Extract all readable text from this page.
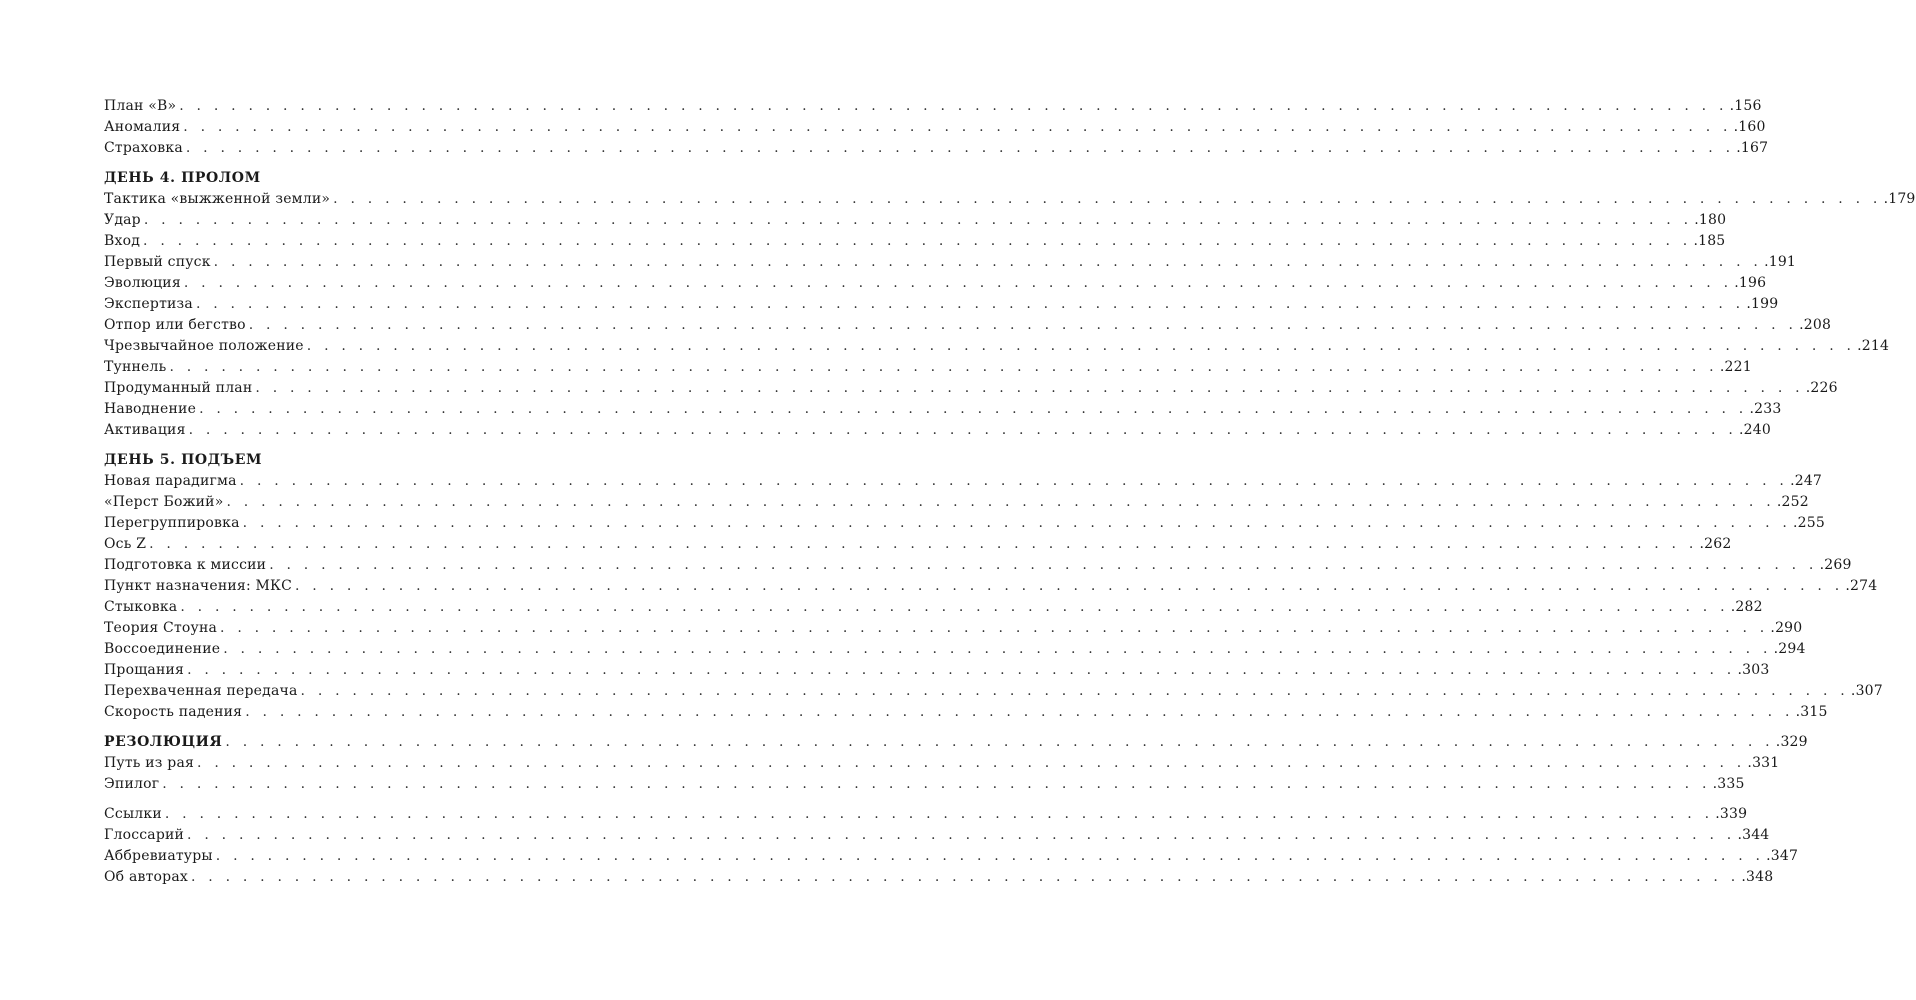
План «B» . . . . . . . . . . . . . . . . . . . . . . . . . . . . . . . . . . . . . . . . . . . . . . . . . . . . . . . . . . . . . . . . . . . . . . . . . . . . . . . . . . . . . . . . . . .156
Аномалия . . . . . . . . . . . . . . . . . . . . . . . . . . . . . . . . . . . . . . . . . . . . . . . . . . . . . . . . . . . . . . . . . . . . . . . . . . . . . . . . . . . . . . . . . . .160
Страховка . . . . . . . . . . . . . . . . . . . . . . . . . . . . . . . . . . . . . . . . . . . . . . . . . . . . . . . . . . . . . . . . . . . . . . . . . . . . . . . . . . . . . . . . . . .167
ДЕНЬ 4. ПРОЛОМ
Тактика «выжженной земли» . . . . . . . . . . . . . . . . . . . . . . . . . . . . . . . . . . . . . . . . . . . . . . . . . . . . . . . . . . . . . . . . . . . . . . . . . . . . . . . . . . . . . . . . . . .179
Удар . . . . . . . . . . . . . . . . . . . . . . . . . . . . . . . . . . . . . . . . . . . . . . . . . . . . . . . . . . . . . . . . . . . . . . . . . . . . . . . . . . . . . . . . . . .180
Вход . . . . . . . . . . . . . . . . . . . . . . . . . . . . . . . . . . . . . . . . . . . . . . . . . . . . . . . . . . . . . . . . . . . . . . . . . . . . . . . . . . . . . . . . . . .185
Первый спуск . . . . . . . . . . . . . . . . . . . . . . . . . . . . . . . . . . . . . . . . . . . . . . . . . . . . . . . . . . . . . . . . . . . . . . . . . . . . . . . . . . . . . . . . . . .191
Эволюция . . . . . . . . . . . . . . . . . . . . . . . . . . . . . . . . . . . . . . . . . . . . . . . . . . . . . . . . . . . . . . . . . . . . . . . . . . . . . . . . . . . . . . . . . . .196
Экспертиза . . . . . . . . . . . . . . . . . . . . . . . . . . . . . . . . . . . . . . . . . . . . . . . . . . . . . . . . . . . . . . . . . . . . . . . . . . . . . . . . . . . . . . . . . . .199
Отпор или бегство . . . . . . . . . . . . . . . . . . . . . . . . . . . . . . . . . . . . . . . . . . . . . . . . . . . . . . . . . . . . . . . . . . . . . . . . . . . . . . . . . . . . . . . . . . .208
Чрезвычайное положение . . . . . . . . . . . . . . . . . . . . . . . . . . . . . . . . . . . . . . . . . . . . . . . . . . . . . . . . . . . . . . . . . . . . . . . . . . . . . . . . . . . . . . . . . . .214
Туннель . . . . . . . . . . . . . . . . . . . . . . . . . . . . . . . . . . . . . . . . . . . . . . . . . . . . . . . . . . . . . . . . . . . . . . . . . . . . . . . . . . . . . . . . . . .221
Продуманный план . . . . . . . . . . . . . . . . . . . . . . . . . . . . . . . . . . . . . . . . . . . . . . . . . . . . . . . . . . . . . . . . . . . . . . . . . . . . . . . . . . . . . . . . . . .226
Наводнение . . . . . . . . . . . . . . . . . . . . . . . . . . . . . . . . . . . . . . . . . . . . . . . . . . . . . . . . . . . . . . . . . . . . . . . . . . . . . . . . . . . . . . . . . . .233
Активация . . . . . . . . . . . . . . . . . . . . . . . . . . . . . . . . . . . . . . . . . . . . . . . . . . . . . . . . . . . . . . . . . . . . . . . . . . . . . . . . . . . . . . . . . . .240
ДЕНЬ 5. ПОДЪЕМ
Новая парадигма . . . . . . . . . . . . . . . . . . . . . . . . . . . . . . . . . . . . . . . . . . . . . . . . . . . . . . . . . . . . . . . . . . . . . . . . . . . . . . . . . . . . . . . . . . .247
«Перст Божий» . . . . . . . . . . . . . . . . . . . . . . . . . . . . . . . . . . . . . . . . . . . . . . . . . . . . . . . . . . . . . . . . . . . . . . . . . . . . . . . . . . . . . . . . . . .252
Перегруппировка . . . . . . . . . . . . . . . . . . . . . . . . . . . . . . . . . . . . . . . . . . . . . . . . . . . . . . . . . . . . . . . . . . . . . . . . . . . . . . . . . . . . . . . . . . .255
Ось Z . . . . . . . . . . . . . . . . . . . . . . . . . . . . . . . . . . . . . . . . . . . . . . . . . . . . . . . . . . . . . . . . . . . . . . . . . . . . . . . . . . . . . . . . . . .262
Подготовка к миссии . . . . . . . . . . . . . . . . . . . . . . . . . . . . . . . . . . . . . . . . . . . . . . . . . . . . . . . . . . . . . . . . . . . . . . . . . . . . . . . . . . . . . . . . . . .269
Пункт назначения: МКС . . . . . . . . . . . . . . . . . . . . . . . . . . . . . . . . . . . . . . . . . . . . . . . . . . . . . . . . . . . . . . . . . . . . . . . . . . . . . . . . . . . . . . . . . . .274
Стыковка . . . . . . . . . . . . . . . . . . . . . . . . . . . . . . . . . . . . . . . . . . . . . . . . . . . . . . . . . . . . . . . . . . . . . . . . . . . . . . . . . . . . . . . . . . .282
Теория Стоуна . . . . . . . . . . . . . . . . . . . . . . . . . . . . . . . . . . . . . . . . . . . . . . . . . . . . . . . . . . . . . . . . . . . . . . . . . . . . . . . . . . . . . . . . . . .290
Воссоединение . . . . . . . . . . . . . . . . . . . . . . . . . . . . . . . . . . . . . . . . . . . . . . . . . . . . . . . . . . . . . . . . . . . . . . . . . . . . . . . . . . . . . . . . . . .294
Прощания . . . . . . . . . . . . . . . . . . . . . . . . . . . . . . . . . . . . . . . . . . . . . . . . . . . . . . . . . . . . . . . . . . . . . . . . . . . . . . . . . . . . . . . . . . .303
Перехваченная передача . . . . . . . . . . . . . . . . . . . . . . . . . . . . . . . . . . . . . . . . . . . . . . . . . . . . . . . . . . . . . . . . . . . . . . . . . . . . . . . . . . . . . . . . . . .307
Скорость падения . . . . . . . . . . . . . . . . . . . . . . . . . . . . . . . . . . . . . . . . . . . . . . . . . . . . . . . . . . . . . . . . . . . . . . . . . . . . . . . . . . . . . . . . . . .315
РЕЗОЛЮЦИЯ . . . . . . . . . . . . . . . . . . . . . . . . . . . . . . . . . . . . . . . . . . . . . . . . . . . . . . . . . . . . . . . . . . . . . . . . . . . . . . . . . . . . . . . . . . .329
Путь из рая . . . . . . . . . . . . . . . . . . . . . . . . . . . . . . . . . . . . . . . . . . . . . . . . . . . . . . . . . . . . . . . . . . . . . . . . . . . . . . . . . . . . . . . . . . .331
Эпилог . . . . . . . . . . . . . . . . . . . . . . . . . . . . . . . . . . . . . . . . . . . . . . . . . . . . . . . . . . . . . . . . . . . . . . . . . . . . . . . . . . . . . . . . . . .335
Ссылки . . . . . . . . . . . . . . . . . . . . . . . . . . . . . . . . . . . . . . . . . . . . . . . . . . . . . . . . . . . . . . . . . . . . . . . . . . . . . . . . . . . . . . . . . . .339
Глоссарий . . . . . . . . . . . . . . . . . . . . . . . . . . . . . . . . . . . . . . . . . . . . . . . . . . . . . . . . . . . . . . . . . . . . . . . . . . . . . . . . . . . . . . . . . . .344
Аббревиатуры . . . . . . . . . . . . . . . . . . . . . . . . . . . . . . . . . . . . . . . . . . . . . . . . . . . . . . . . . . . . . . . . . . . . . . . . . . . . . . . . . . . . . . . . . . .347
Об авторах . . . . . . . . . . . . . . . . . . . . . . . . . . . . . . . . . . . . . . . . . . . . . . . . . . . . . . . . . . . . . . . . . . . . . . . . . . . . . . . . . . . . . . . . . . .348
